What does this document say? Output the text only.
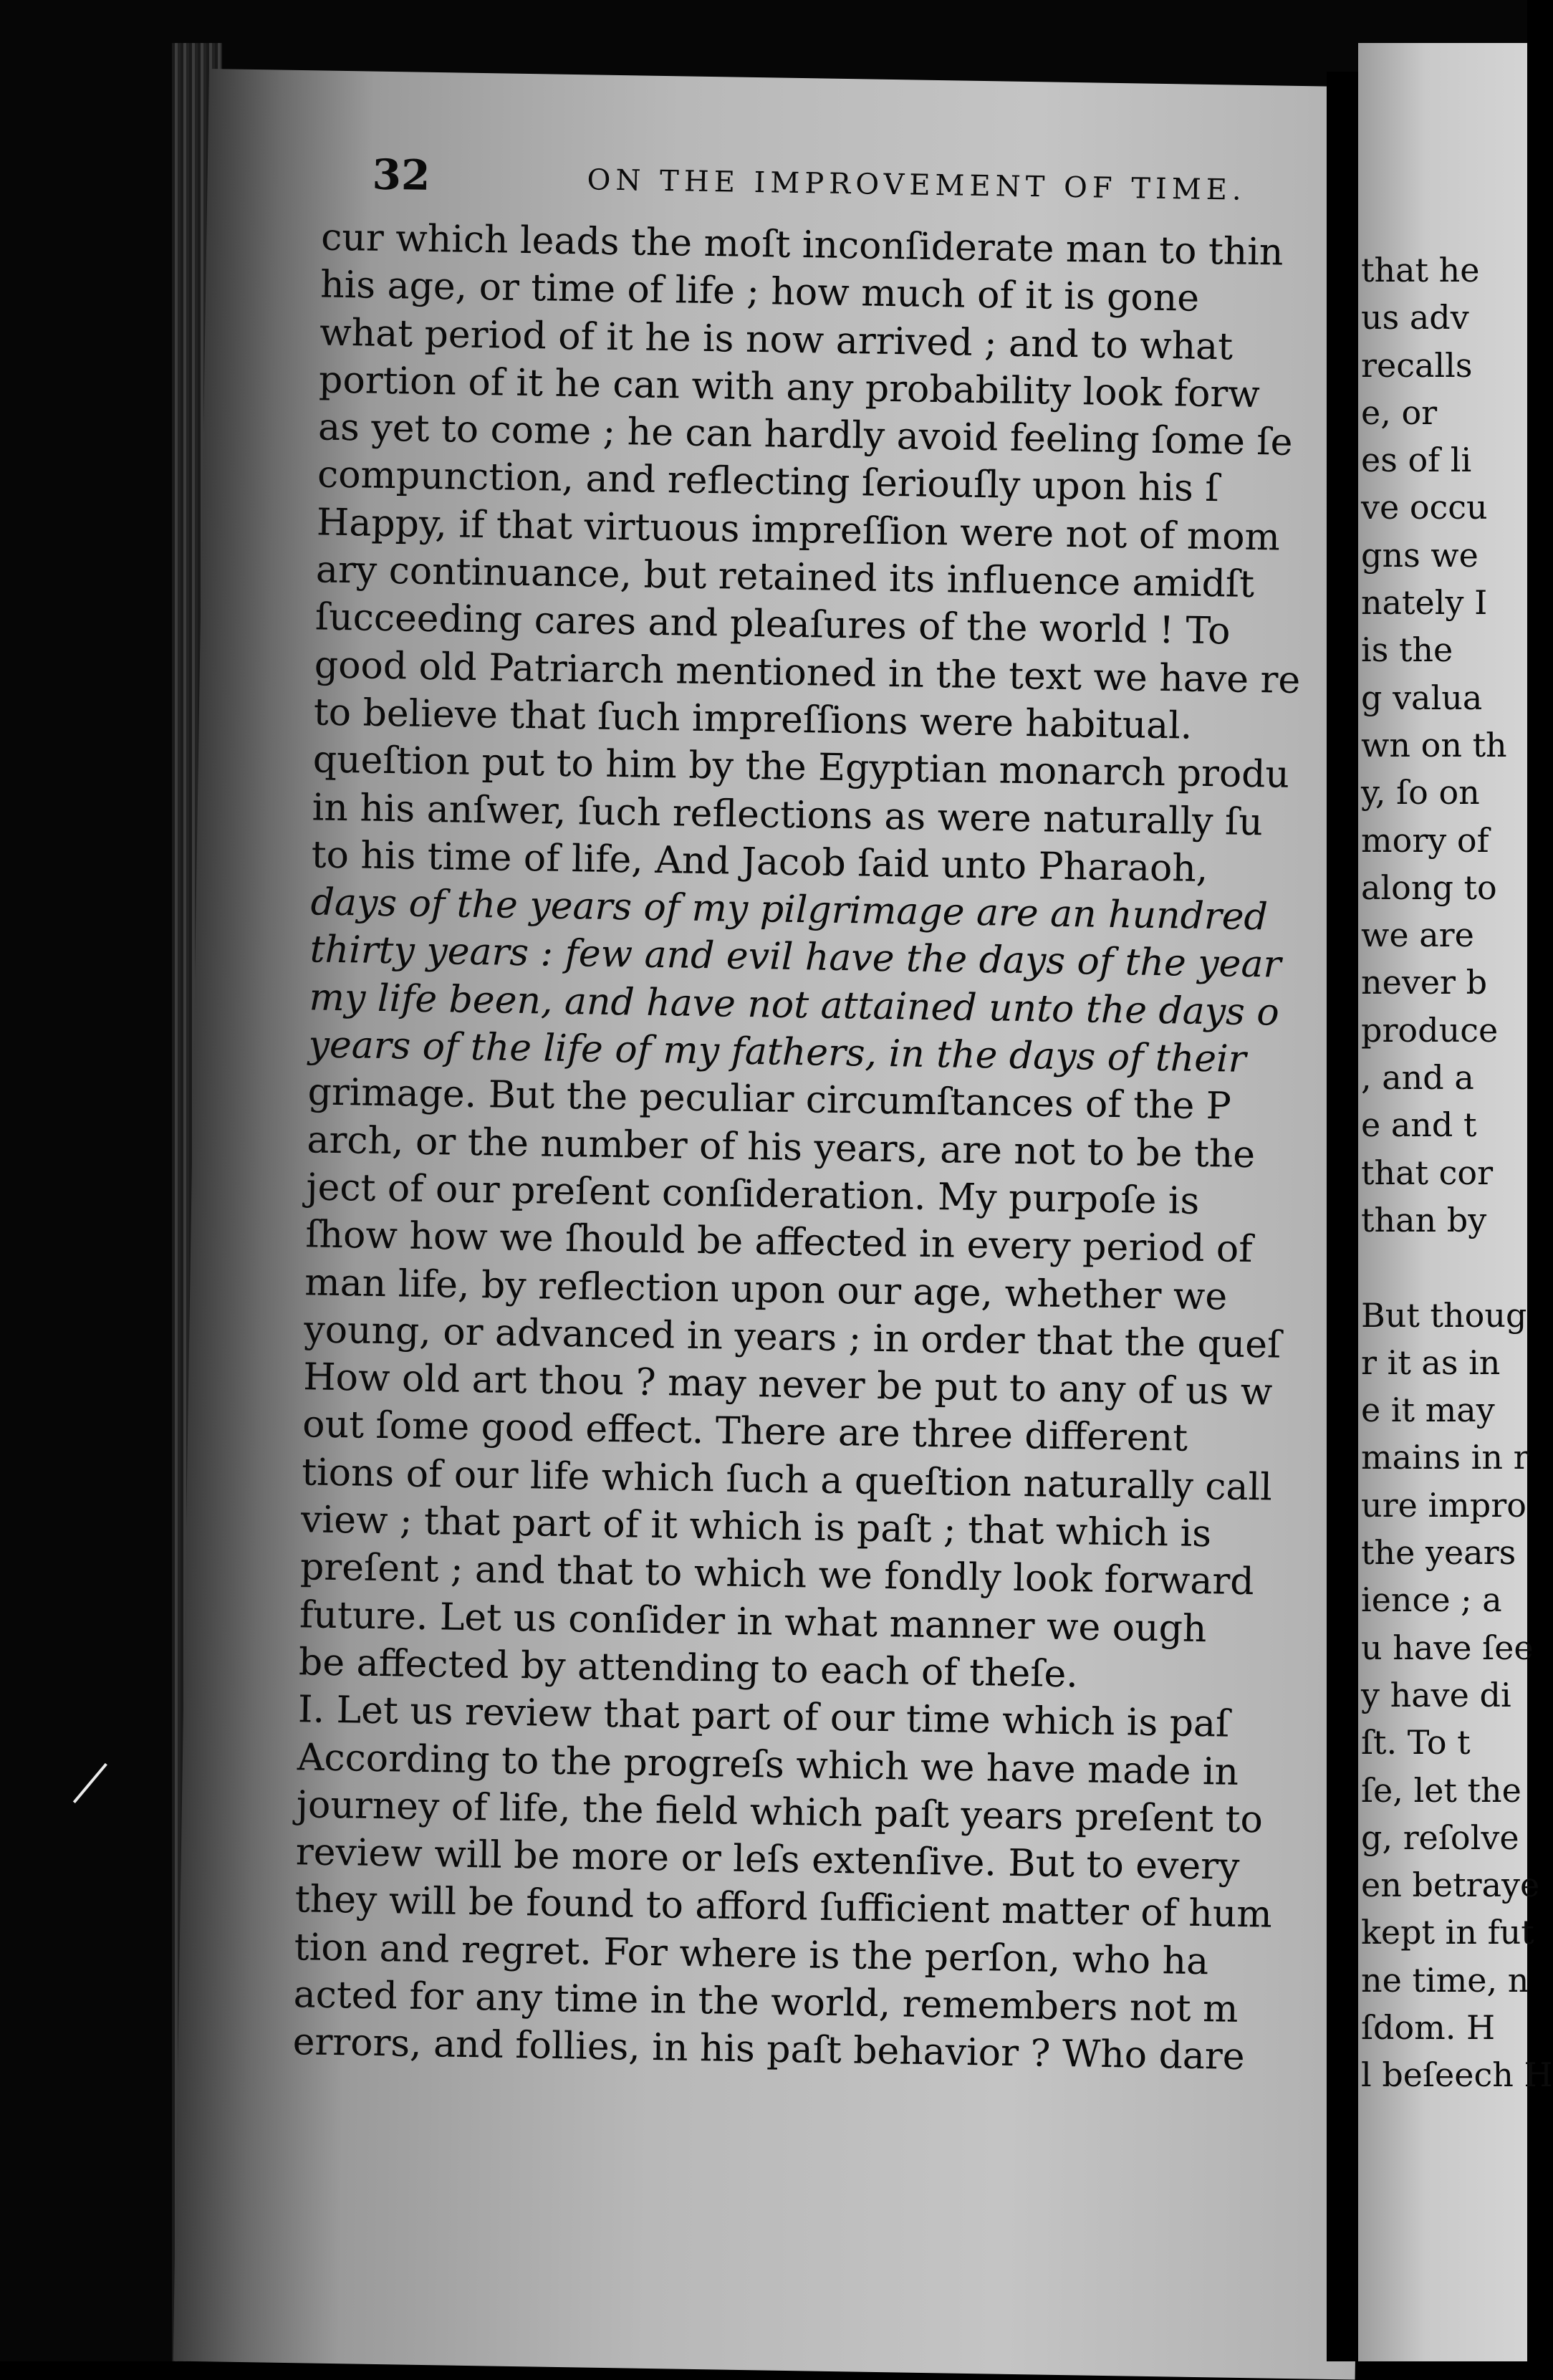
32	ON THE IMPROVEMENT OF TIME.
cur which leads the moſt inconſiderate man to thin
his age, or time of life ; how much of it is gone
what period of it he is now arrived ; and to what
portion of it he can with any probability look forw
as yet to come ; he can hardly avoid feeling ſome ſe
compunction, and reflecting ſeriouſly upon his ſ
Happy, if that virtuous impreſſion were not of mom
ary continuance, but retained its influence amidſt
ſucceeding cares and pleaſures of the world ! To
good old Patriarch mentioned in the text we have re
to believe that ſuch impreſſions were habitual.
queſtion put to him by the Egyptian monarch produ
in his anſwer, ſuch reflections as were naturally ſu
to his time of life, And Jacob ſaid unto Pharaoh,
days of the years of my pilgrimage are an hundred
thirty years : few and evil have the days of the year
my life been, and have not attained unto the days o
years of the life of my fathers, in the days of their
grimage. But the peculiar circumſtances of the P
arch, or the number of his years, are not to be the
ject of our preſent conſideration. My purpoſe is
ſhow how we ſhould be affected in every period of
man life, by reflection upon our age, whether we
young, or advanced in years ; in order that the queſ
How old art thou ? may never be put to any of us w
out ſome good effect. There are three different
tions of our life which ſuch a queſtion naturally call
view ; that part of it which is paſt ; that which is
preſent ; and that to which we fondly look forward
future. Let us conſider in what manner we ough
be affected by attending to each of theſe.
I. Let us review that part of our time which is paſ
According to the progreſs which we have made in
journey of life, the field which paſt years preſent to
review will be more or leſs extenſive. But to every
they will be found to afford ſufficient matter of hum
tion and regret. For where is the perſon, who ha
acted for any time in the world, remembers not m
errors, and follies, in his paſt behavior ? Who dare
that he
us adv
recalls
e, or
es of li
ve occu
gns we
nately I
is the
g valua
wn on th
y, ſo on
mory of
along to
we are
never b
produce
, and a
e and t
that cor
than by
But thoug
r it as in
e it may
mains in r
ure impro
the years
ience ; a
u have ſee
y have di
ſt. To t
ſe, let the
g, reſolve
en betraye
kept in fut
ne time, n
ſdom. H
l beſeech H
